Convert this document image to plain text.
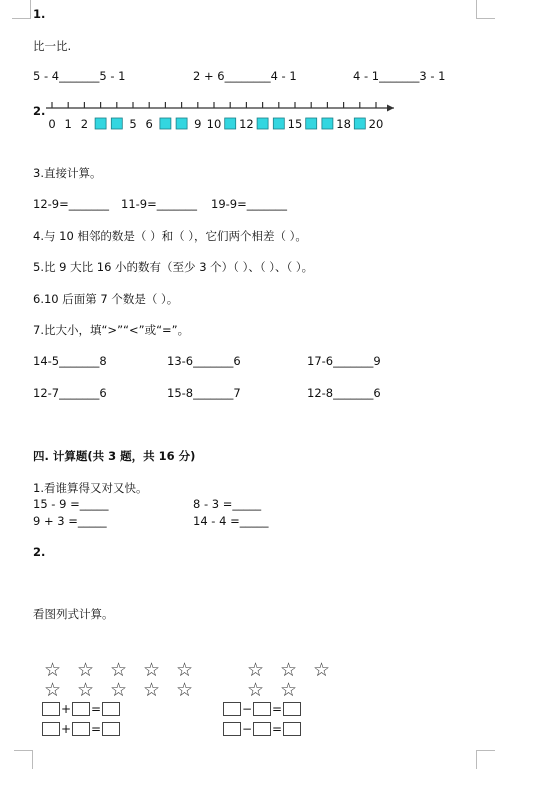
1.
比一比.
5 - 4_______5 - 1	2 + 6________4 - 1	4 - 1_______3 - 1
2.
0 1 2	5 6	9 10 12	15	18 20
3.直接计算。
12-9=_______ 11-9=_______ 19-9=_______
4.与 10 相邻的数是（ ）和（ ），它们两个相差（ ）。
5.比 9 大比 16 小的数有（至少 3 个）（ ）、（ ）、（ ）。
6.10 后面第 7 个数是（ ）。
7.比大小，填“>”“<”或“=”。
14-5_______8	13-6_______6	17-6_______9
12-7_______6	15-8_______7	12-8_______6
四. 计算题(共 3 题，共 16 分)
1.看谁算得又对又快。
15 - 9 =_____	8 - 3 =_____
9 + 3 =_____	14 - 4 =_____
2.
看图列式计算。
☆ ☆ ☆ ☆ ☆
☆ ☆ ☆ ☆ ☆
☆ ☆ ☆
☆ ☆
+ =
+ =
− =
− =
